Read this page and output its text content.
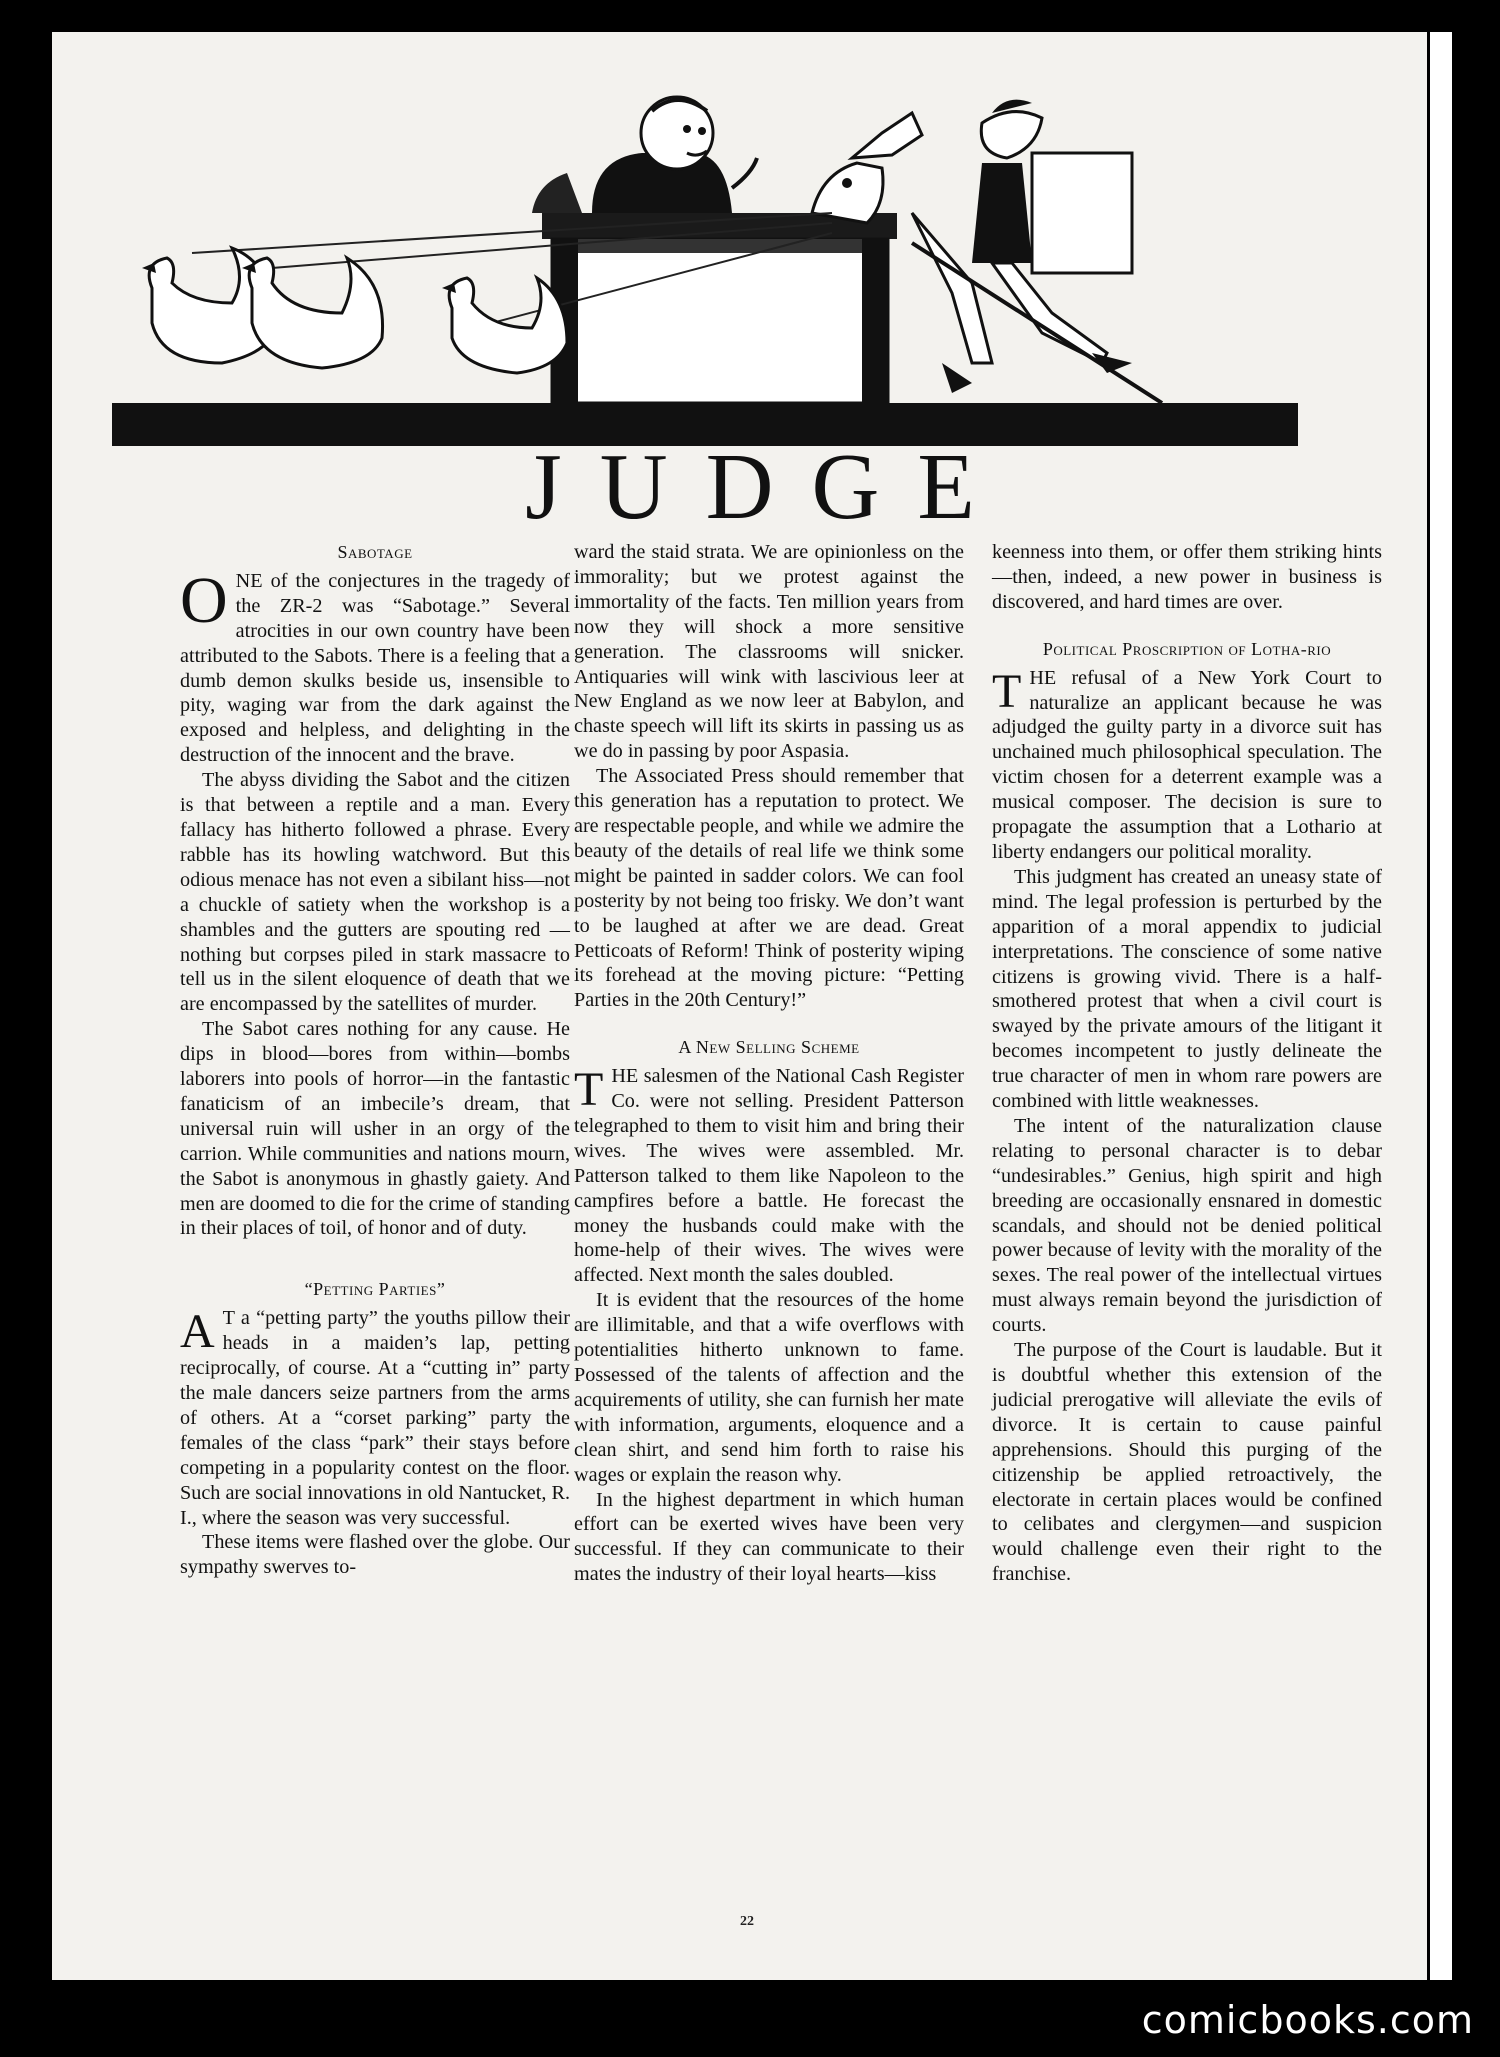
JUDGE
Sabotage

ONE of the conjectures in the tragedy of the ZR-2 was “Sabotage.” Several atrocities in our own country have been attributed to the Sabots. There is a feeling that a dumb demon skulks beside us, insensible to pity, waging war from the dark against the exposed and helpless, and delighting in the destruction of the innocent and the brave.

The abyss dividing the Sabot and the citizen is that between a reptile and a man. Every fallacy has hitherto followed a phrase. Every rabble has its howling watchword. But this odious menace has not even a sibilant hiss—not a chuckle of satiety when the workshop is a shambles and the gutters are spouting red —nothing but corpses piled in stark massacre to tell us in the silent eloquence of death that we are encompassed by the satellites of murder.

The Sabot cares nothing for any cause. He dips in blood—bores from within—bombs laborers into pools of horror—in the fantastic fanaticism of an imbecile’s dream, that universal ruin will usher in an orgy of the carrion. While communities and nations mourn, the Sabot is anonymous in ghastly gaiety. And men are doomed to die for the crime of standing in their places of toil, of honor and of duty.

“Petting Parties”

A T a “petting party” the youths pillow their heads in a maiden’s lap, petting reciprocally, of course. At a “cutting in” party the male dancers seize partners from the arms of others. At a “corset parking” party the females of the class “park” their stays before competing in a popularity contest on the floor. Such are social innovations in old Nantucket, R. I., where the season was very successful.

These items were flashed over the globe. Our sympathy swerves to-

ward the staid strata. We are opinionless on the immorality; but we protest against the immortality of the facts. Ten million years from now they will shock a more sensitive generation. The classrooms will snicker. Antiquaries will wink with lascivious leer at New England as we now leer at Babylon, and chaste speech will lift its skirts in passing us as we do in passing by poor Aspasia.

The Associated Press should remember that this generation has a reputation to protect. We are respectable people, and while we admire the beauty of the details of real life we think some might be painted in sadder colors. We can fool posterity by not being too frisky. We don’t want to be laughed at after we are dead. Great Petticoats of Reform! Think of posterity wiping its forehead at the moving picture: “Petting Parties in the 20th Century!”

A New Selling Scheme

THE salesmen of the National Cash Register Co. were not selling. President Patterson telegraphed to them to visit him and bring their wives. The wives were assembled. Mr. Patterson talked to them like Napoleon to the campfires before a battle. He forecast the money the husbands could make with the home-help of their wives. The wives were affected. Next month the sales doubled.

It is evident that the resources of the home are illimitable, and that a wife overflows with potentialities hitherto unknown to fame. Possessed of the talents of affection and the acquirements of utility, she can furnish her mate with information, arguments, eloquence and a clean shirt, and send him forth to raise his wages or explain the reason why.

In the highest department in which human effort can be exerted wives have been very successful. If they can communicate to their mates the industry of their loyal hearts—kiss

keenness into them, or offer them striking hints—then, indeed, a new power in business is discovered, and hard times are over.

Political Proscription of Lotha-rio

THE refusal of a New York Court to naturalize an applicant because he was adjudged the guilty party in a divorce suit has unchained much philosophical speculation. The victim chosen for a deterrent example was a musical composer. The decision is sure to propagate the assumption that a Lothario at liberty endangers our political morality.

This judgment has created an uneasy state of mind. The legal profession is perturbed by the apparition of a moral appendix to judicial interpretations. The conscience of some native citizens is growing vivid. There is a half-smothered protest that when a civil court is swayed by the private amours of the litigant it becomes incompetent to justly delineate the true character of men in whom rare powers are combined with little weaknesses.

The intent of the naturalization clause relating to personal character is to debar “undesirables.” Genius, high spirit and high breeding are occasionally ensnared in domestic scandals, and should not be denied political power because of levity with the morality of the sexes. The real power of the intellectual virtues must always remain beyond the jurisdiction of courts.

The purpose of the Court is laudable. But it is doubtful whether this extension of the judicial prerogative will alleviate the evils of divorce. It is certain to cause painful apprehensions. Should this purging of the citizenship be applied retroactively, the electorate in certain places would be confined to celibates and clergymen—and suspicion would challenge even their right to the franchise.

22
comicbooks.com
